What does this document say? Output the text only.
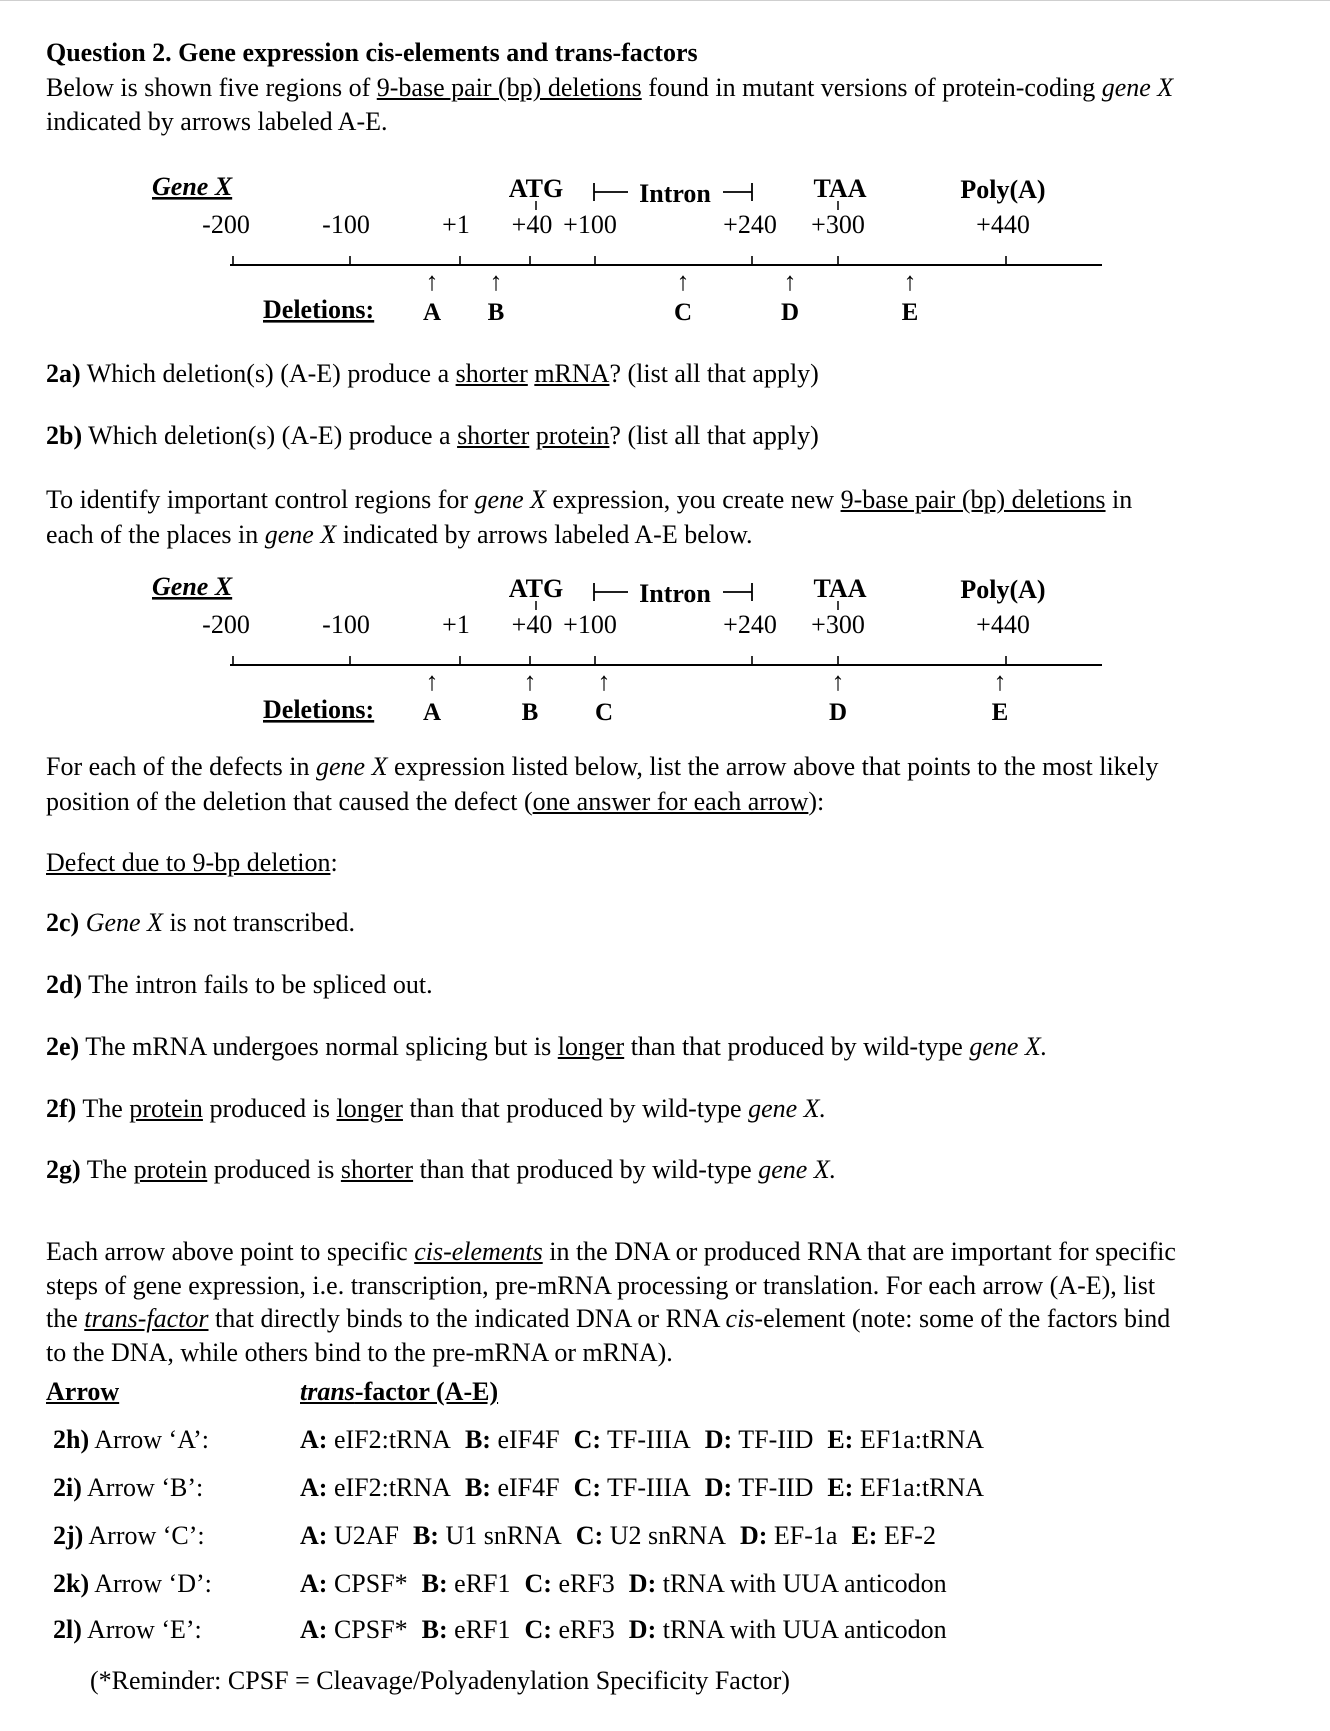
Question 2. Gene expression cis-elements and trans-factors
Below is shown five regions of 9-base pair (bp) deletions found in mutant versions of protein-coding gene X
indicated by arrows labeled A-E.
Gene X	ATG	Intron	TAA	Poly(A)
-200	-100	+1 +40 +100	+240 +300	+440
Deletions:
↑
A
↑
B
↑
C
↑
D
↑
E
2a) Which deletion(s) (A-E) produce a shorter mRNA? (list all that apply)
2b) Which deletion(s) (A-E) produce a shorter protein? (list all that apply)
To identify important control regions for gene X expression, you create new 9-base pair (bp) deletions in
each of the places in gene X indicated by arrows labeled A-E below.
Gene X	ATG	Intron	TAA	Poly(A)
-200	-100	+1 +40 +100	+240 +300	+440
Deletions:
↑
A
↑
B
↑
C
↑
D
↑
E
For each of the defects in gene X expression listed below, list the arrow above that points to the most likely
position of the deletion that caused the defect (one answer for each arrow):
Defect due to 9-bp deletion:
2c) Gene X is not transcribed.
2d) The intron fails to be spliced out.
2e) The mRNA undergoes normal splicing but is longer than that produced by wild-type gene X.
2f) The protein produced is longer than that produced by wild-type gene X.
2g) The protein produced is shorter than that produced by wild-type gene X.
Each arrow above point to specific cis-elements in the DNA or produced RNA that are important for specific
steps of gene expression, i.e. transcription, pre-mRNA processing or translation. For each arrow (A-E), list
the trans-factor that directly binds to the indicated DNA or RNA cis-element (note: some of the factors bind
to the DNA, while others bind to the pre-mRNA or mRNA).
Arrow	trans-factor (A-E)
2h) Arrow ‘A’:	A: eIF2:tRNA B: eIF4F C: TF-IIIA D: TF-IID E: EF1a:tRNA
2i) Arrow ‘B’:	A: eIF2:tRNA B: eIF4F C: TF-IIIA D: TF-IID E: EF1a:tRNA
2j) Arrow ‘C’:	A: U2AF B: U1 snRNA C: U2 snRNA D: EF-1a E: EF-2
2k) Arrow ‘D’:	A: CPSF* B: eRF1 C: eRF3 D: tRNA with UUA anticodon
2l) Arrow ‘E’:	A: CPSF* B: eRF1 C: eRF3 D: tRNA with UUA anticodon
(*Reminder: CPSF = Cleavage/Polyadenylation Specificity Factor)
